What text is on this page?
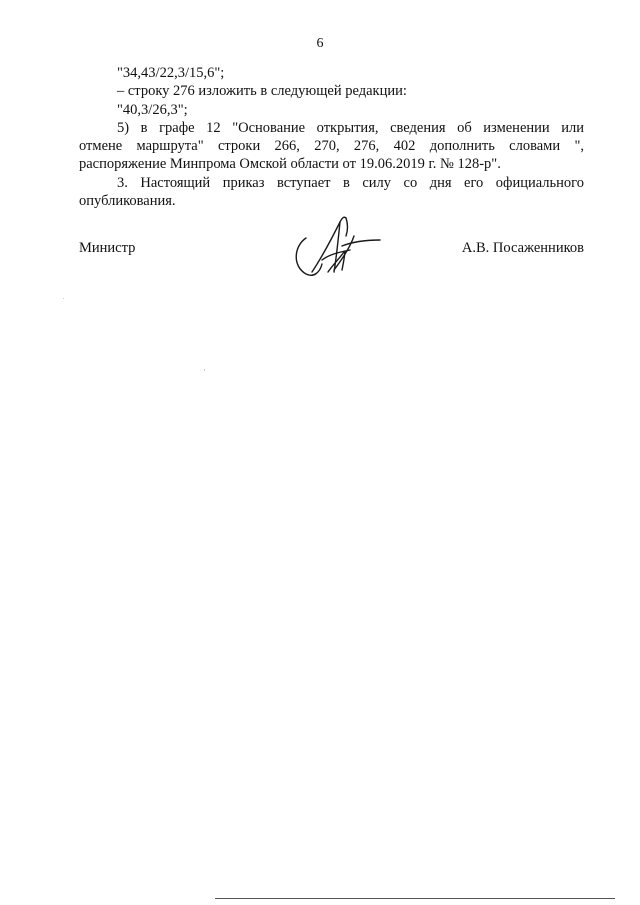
6

"34,43/22,3/15,6";

– строку 276 изложить в следующей редакции:

"40,3/26,3";

5) в графе 12 "Основание открытия, сведения об изменении или
отмене маршрута" строки 266, 270, 276, 402 дополнить словами ",
распоряжение Минпрома Омской области от 19.06.2019 г. № 128-р".
3. Настоящий приказ вступает в силу со дня его официального
опубликования.
Министр	А.В. Посаженников
